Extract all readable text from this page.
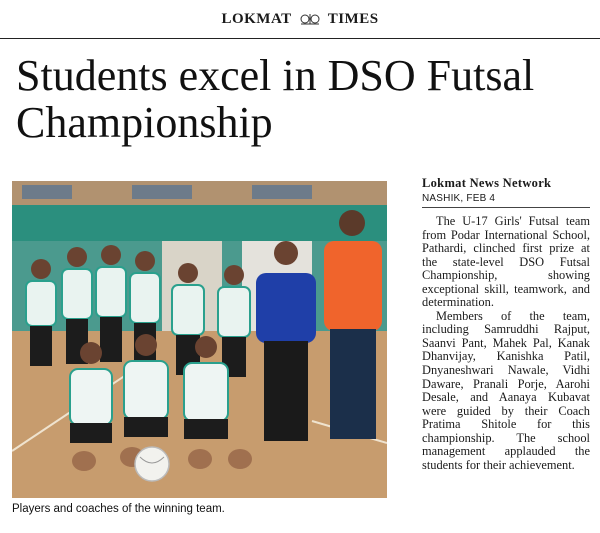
LOKMAT TIMES
Students excel in DSO Futsal Championship
Players and coaches of the winning team.
Lokmat News Network
NASHIK, FEB 4

The U-17 Girls' Futsal team from Podar International School, Pathardi, clinched first prize at the state-level DSO Futsal Championship, showing exceptional skill, teamwork, and determination.

Members of the team, including Samruddhi Rajput, Saanvi Pant, Mahek Pal, Kanak Dhanvijay, Kanishka Patil, Dnyaneshwari Nawale, Vidhi Daware, Pranali Porje, Aarohi Desale, and Aanaya Kubavat were guided by their Coach Pratima Shitole for this championship. The school management applauded the students for their achievement.
